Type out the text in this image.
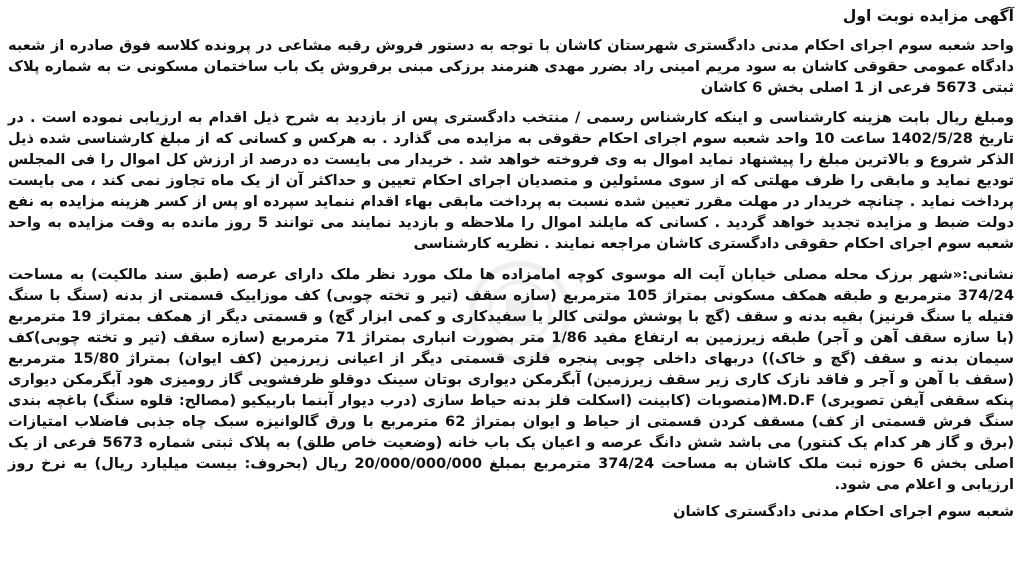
آگهی مزایده نوبت اول
واحد شعبه سوم اجرای احکام مدنی دادگستری شهرستان کاشان با توجه به دستور فروش رقبه مشاعی در پرونده کلاسه فوق صادره از شعبه دادگاه عمومی حقوقی کاشان به سود مریم امینی راد بضرر مهدی هنرمند برزکی مبنی برفروش یک باب ساختمان مسکونی ت به شماره پلاک ثبتی 5673 فرعی از 1 اصلی بخش 6 کاشان
ومبلغ ریال بابت هزینه کارشناسی و اینکه کارشناس رسمی / منتخب دادگستری پس از بازدید به شرح ذیل اقدام به ارزیابی نموده است . در تاریخ 1402/5/28 ساعت 10 واحد شعبه سوم اجرای احکام حقوقی به مزایده می گذارد . به هرکس و کسانی که از مبلغ کارشناسی شده ذیل الذکر شروع و بالاترین مبلغ را پیشنهاد نماید اموال به وی فروخته خواهد شد . خریدار می بایست ده درصد از ارزش کل اموال را فی المجلس تودیع نماید و مابقی را ظرف مهلتی که از سوی مسئولین و متصدیان اجرای احکام تعیین و حداکثر آن از یک ماه تجاوز نمی کند ، می بایست پرداخت نماید . چنانچه خریدار در مهلت مقرر تعیین شده نسبت به پرداخت مابقی بهاء اقدام ننماید سپرده او پس از کسر هزینه مزایده به نفع دولت ضبط و مزایده تجدید خواهد گردید . کسانی که مایلند اموال را ملاحظه و بازدید نمایند می توانند 5 روز مانده به وقت مزایده به واحد شعبه سوم اجرای احکام حقوقی دادگستری کاشان مراجعه نمایند . نظریه کارشناسی
نشانی:«شهر برزک محله مصلی خیابان آیت اله موسوی کوچه امامزاده ها ملک مورد نظر ملک دارای عرصه (طبق سند مالکیت) به مساحت 374/24 مترمربع و طبقه همکف مسکونی بمتراژ 105 مترمربع (سازه سقف (تیر و تخته چوبی) کف موزاییک قسمتی از بدنه (سنگ با سنگ فتیله یا سنگ قرنیز) بقیه بدنه و سقف (گچ با پوشش مولتی کالر یا سفیدکاری و کمی ابزار گچ) و قسمتی دیگر از همکف بمتراژ 19 مترمربع (با سازه سقف آهن و آجر) طبقه زیرزمین به ارتفاع مفید 1/86 متر بصورت انباری بمتراژ 71 مترمربع (سازه سقف (تیر و تخته چوبی)کف سیمان بدنه و سقف (گچ و خاک)) دربهای داخلی چوبی پنجره فلزی قسمتی دیگر از اعیانی زیرزمین (کف ایوان) بمتراژ 15/80 مترمربع (سقف با آهن و آجر و فاقد نازک کاری زیر سقف زیرزمین) آبگرمکن دیواری بوتان سینک دوقلو ظرفشویی گاز رومیزی هود آبگرمکن دیواری پنکه سقفی آیفن تصویری) M.D.F(منصوبات (کابینت (اسکلت فلز بدنه حیاط سازی (درب دیوار آبنما باربیکیو (مصالح: قلوه سنگ) باغچه بندی سنگ فرش قسمتی از کف) مسقف کردن قسمتی از حیاط و ایوان بمتراژ 62 مترمربع با ورق گالوانیزه سبک چاه جذبی فاضلاب امتیازات (برق و گاز هر کدام یک کنتور) می باشد شش دانگ عرصه و اعیان یک باب خانه (وضعیت خاص طلق) به پلاک ثبتی شماره 5673 فرعی از یک اصلی بخش 6 حوزه ثبت ملک کاشان به مساحت 374/24 مترمربع بمبلغ 20/000/000/000 ریال (بحروف: بیست میلیارد ریال) به نرخ روز ارزیابی و اعلام می شود.
شعبه سوم اجرای احکام مدنی دادگستری کاشان
